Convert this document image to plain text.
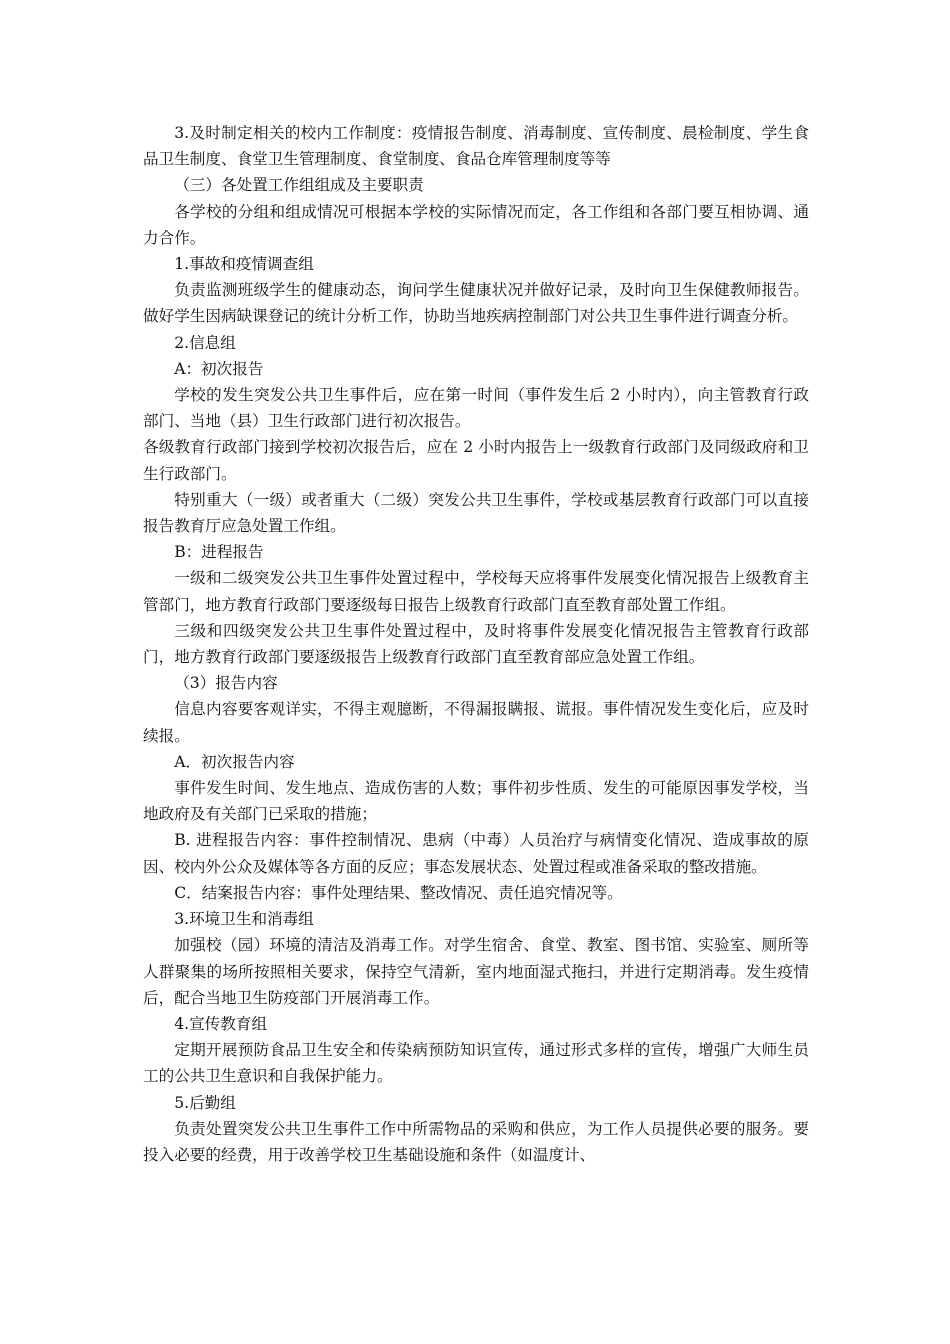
3.及时制定相关的校内工作制度：疫情报告制度、消毒制度、宣传制度、晨检制度、学生食品卫生制度、食堂卫生管理制度、食堂制度、食品仓库管理制度等等

（三）各处置工作组组成及主要职责

各学校的分组和组成情况可根据本学校的实际情况而定，各工作组和各部门要互相协调、通力合作。

1.事故和疫情调查组

负责监测班级学生的健康动态，询问学生健康状况并做好记录，及时向卫生保健教师报告。做好学生因病缺课登记的统计分析工作，协助当地疾病控制部门对公共卫生事件进行调查分析。

2.信息组

A：初次报告

学校的发生突发公共卫生事件后，应在第一时间（事件发生后 2 小时内），向主管教育行政部门、当地（县）卫生行政部门进行初次报告。

各级教育行政部门接到学校初次报告后，应在 2 小时内报告上一级教育行政部门及同级政府和卫生行政部门。

特别重大（一级）或者重大（二级）突发公共卫生事件，学校或基层教育行政部门可以直接报告教育厅应急处置工作组。

B：进程报告

一级和二级突发公共卫生事件处置过程中，学校每天应将事件发展变化情况报告上级教育主管部门，地方教育行政部门要逐级每日报告上级教育行政部门直至教育部处置工作组。

三级和四级突发公共卫生事件处置过程中，及时将事件发展变化情况报告主管教育行政部门，地方教育行政部门要逐级报告上级教育行政部门直至教育部应急处置工作组。

（3）报告内容

信息内容要客观详实，不得主观臆断，不得漏报瞒报、谎报。事件情况发生变化后，应及时续报。

A．初次报告内容

事件发生时间、发生地点、造成伤害的人数；事件初步性质、发生的可能原因事发学校，当地政府及有关部门已采取的措施；

B. 进程报告内容：事件控制情况、患病（中毒）人员治疗与病情变化情况、造成事故的原因、校内外公众及媒体等各方面的反应；事态发展状态、处置过程或准备采取的整改措施。

C．结案报告内容：事件处理结果、整改情况、责任追究情况等。

3.环境卫生和消毒组

加强校（园）环境的清洁及消毒工作。对学生宿舍、食堂、教室、图书馆、实验室、厕所等人群聚集的场所按照相关要求，保持空气清新，室内地面湿式拖扫，并进行定期消毒。发生疫情后，配合当地卫生防疫部门开展消毒工作。

4.宣传教育组

定期开展预防食品卫生安全和传染病预防知识宣传，通过形式多样的宣传，增强广大师生员工的公共卫生意识和自我保护能力。

5.后勤组

负责处置突发公共卫生事件工作中所需物品的采购和供应，为工作人员提供必要的服务。要投入必要的经费，用于改善学校卫生基础设施和条件（如温度计、
